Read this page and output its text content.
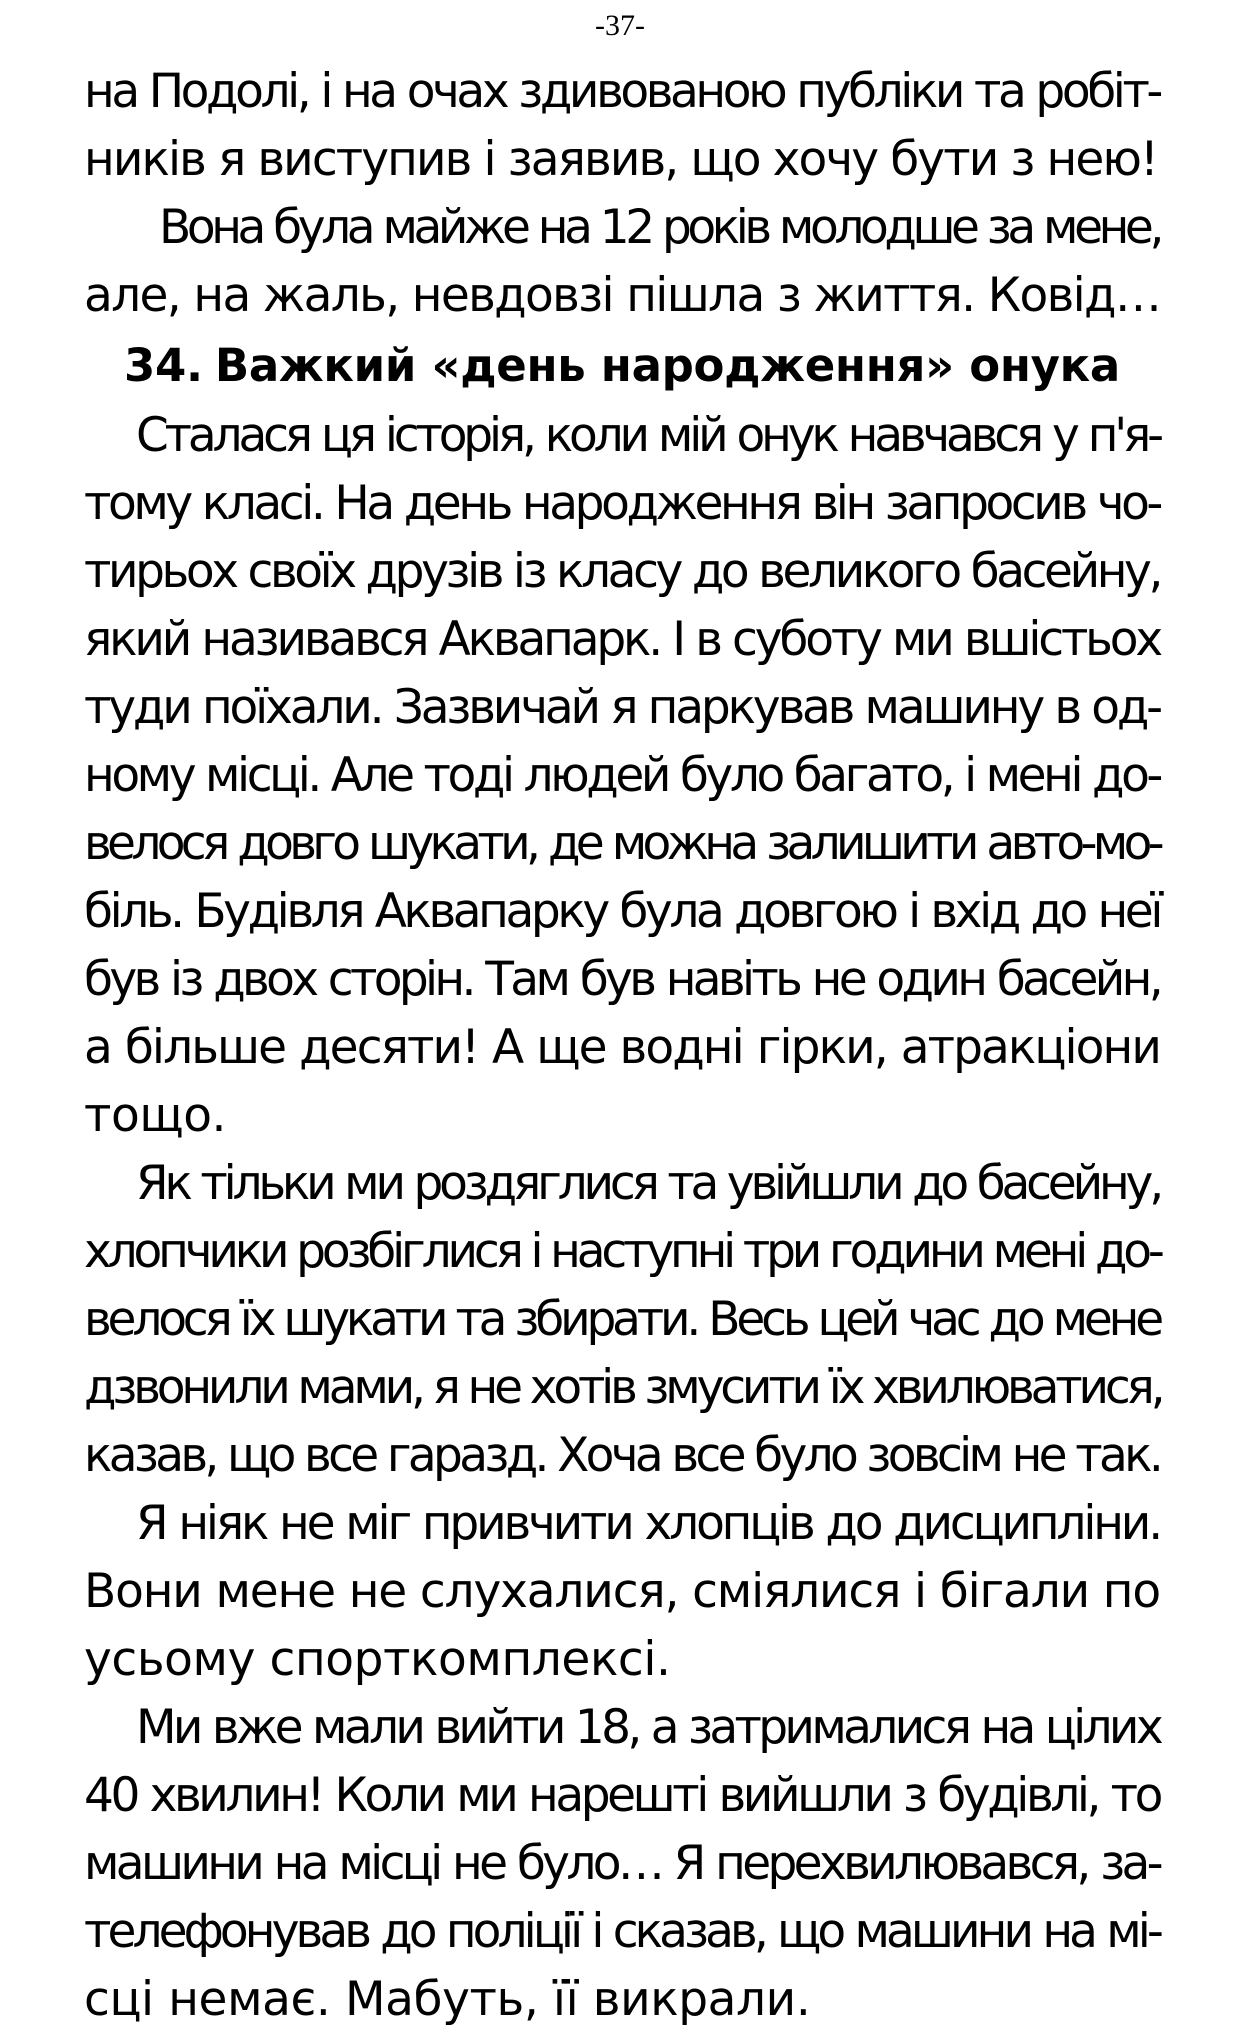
-37-
на Подолі, і на очах здивованою публіки та робіт-
ників я виступив і заявив, що хочу бути з нею!
Вона була майже на 12 років молодше за мене,
але, на жаль, невдовзі пішла з життя. Ковід…
34. Важкий «день народження» онука
Сталася ця історія, коли мій онук навчався у п'я-
тому класі. На день народження він запросив чо-
тирьох своїх друзів із класу до великого басейну,
який називався Аквапарк. І в суботу ми вшістьох
туди поїхали. Зазвичай я паркував машину в од-
ному місці. Але тоді людей було багато, і мені до-
велося довго шукати, де можна залишити авто-мо-
біль. Будівля Аквапарку була довгою і вхід до неї
був із двох сторін. Там був навіть не один басейн,
а більше десяти! А ще водні гірки, атракціони
тощо.
Як тільки ми роздяглися та увійшли до басейну,
хлопчики розбіглися і наступні три години мені до-
велося їх шукати та збирати. Весь цей час до мене
дзвонили мами, я не хотів змусити їх хвилюватися,
казав, що все гаразд. Хоча все було зовсім не так.
Я ніяк не міг привчити хлопців до дисципліни.
Вони мене не слухалися, сміялися і бігали по
усьому спорткомплексі.
Ми вже мали вийти 18, а затрималися на цілих
40 хвилин! Коли ми нарешті вийшли з будівлі, то
машини на місці не було… Я перехвилювався, за-
телефонував до поліції і сказав, що машини на мі-
сці немає. Мабуть, її викрали.
